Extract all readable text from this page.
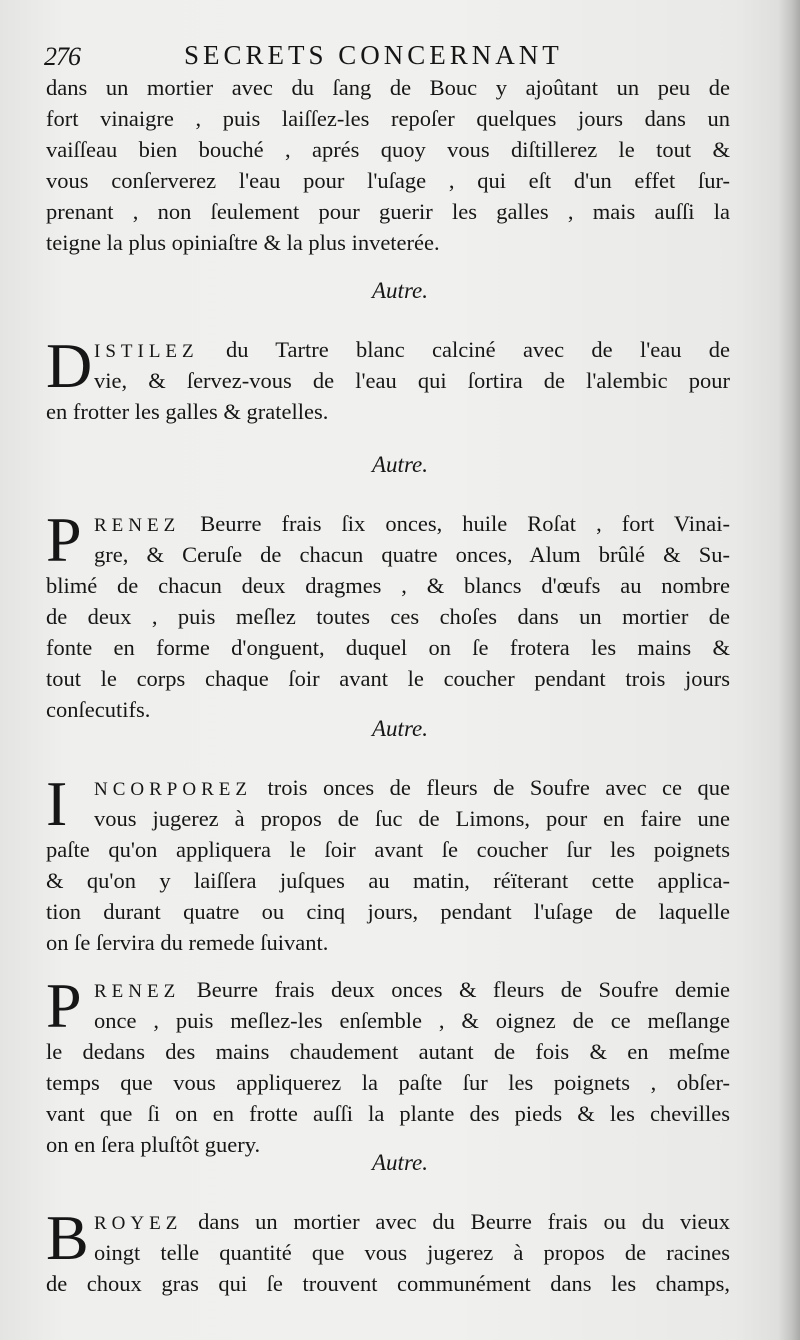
276	SECRETS CONCERNANT
dans un mortier avec du ſang de Bouc y ajoûtant un peu de
fort vinaigre , puis laiſſez-les repoſer quelques jours dans un
vaiſſeau bien bouché , aprés quoy vous diſtillerez le tout &
vous conſerverez l'eau pour l'uſage , qui eſt d'un effet ſur-
prenant , non ſeulement pour guerir les galles , mais auſſi la
teigne la plus opiniaſtre & la plus inveterée.
Autre.
D ISTILEZ du Tartre blanc calciné avec de l'eau de
vie, & ſervez-vous de l'eau qui ſortira de l'alembic pour
en frotter les galles & gratelles.
Autre.
P RENEZ Beurre frais ſix onces, huile Roſat , fort Vinai-
gre, & Ceruſe de chacun quatre onces, Alum brûlé & Su-
blimé de chacun deux dragmes , & blancs d'œufs au nombre
de deux , puis meſlez toutes ces choſes dans un mortier de
fonte en forme d'onguent, duquel on ſe frotera les mains &
tout le corps chaque ſoir avant le coucher pendant trois jours
conſecutifs.
Autre.
I	NCORPOREZ trois onces de fleurs de Soufre avec ce que
vous jugerez à propos de ſuc de Limons, pour en faire une
paſte qu'on appliquera le ſoir avant ſe coucher ſur les poignets
& qu'on y laiſſera juſques au matin, réïterant cette applica-
tion durant quatre ou cinq jours, pendant l'uſage de laquelle
on ſe ſervira du remede ſuivant.
P RENEZ Beurre frais deux onces & fleurs de Soufre demie
once , puis meſlez-les enſemble , & oignez de ce meſlange
le dedans des mains chaudement autant de fois & en meſme
temps que vous appliquerez la paſte ſur les poignets , obſer-
vant que ſi on en frotte auſſi la plante des pieds & les chevilles
on en ſera pluſtôt guery.
Autre.
B ROYEZ dans un mortier avec du Beurre frais ou du vieux
oingt telle quantité que vous jugerez à propos de racines
de choux gras qui ſe trouvent communément dans les champs,
